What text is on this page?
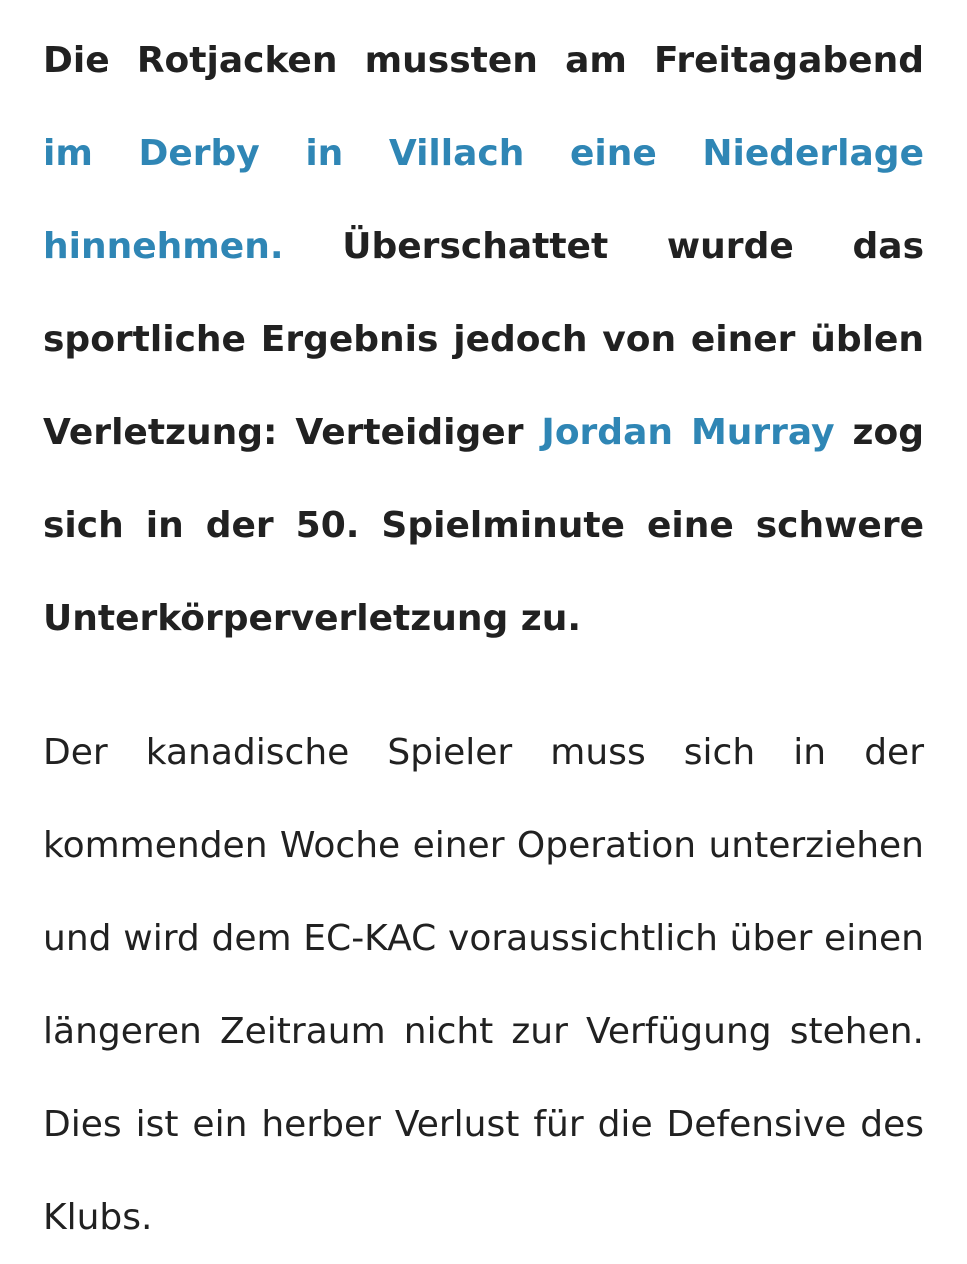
Die Rotjacken mussten am Freitagabend im Derby in Villach eine Niederlage hinnehmen. Überschattet wurde das sportliche Ergebnis jedoch von einer üblen Verletzung: Verteidiger Jordan Murray zog sich in der 50. Spielminute eine schwere Unterkörperverletzung zu.

Der kanadische Spieler muss sich in der kommenden Woche einer Operation unterziehen und wird dem EC-KAC voraussichtlich über einen längeren Zeitraum nicht zur Verfügung stehen. Dies ist ein herber Verlust für die Defensive des Klubs.
